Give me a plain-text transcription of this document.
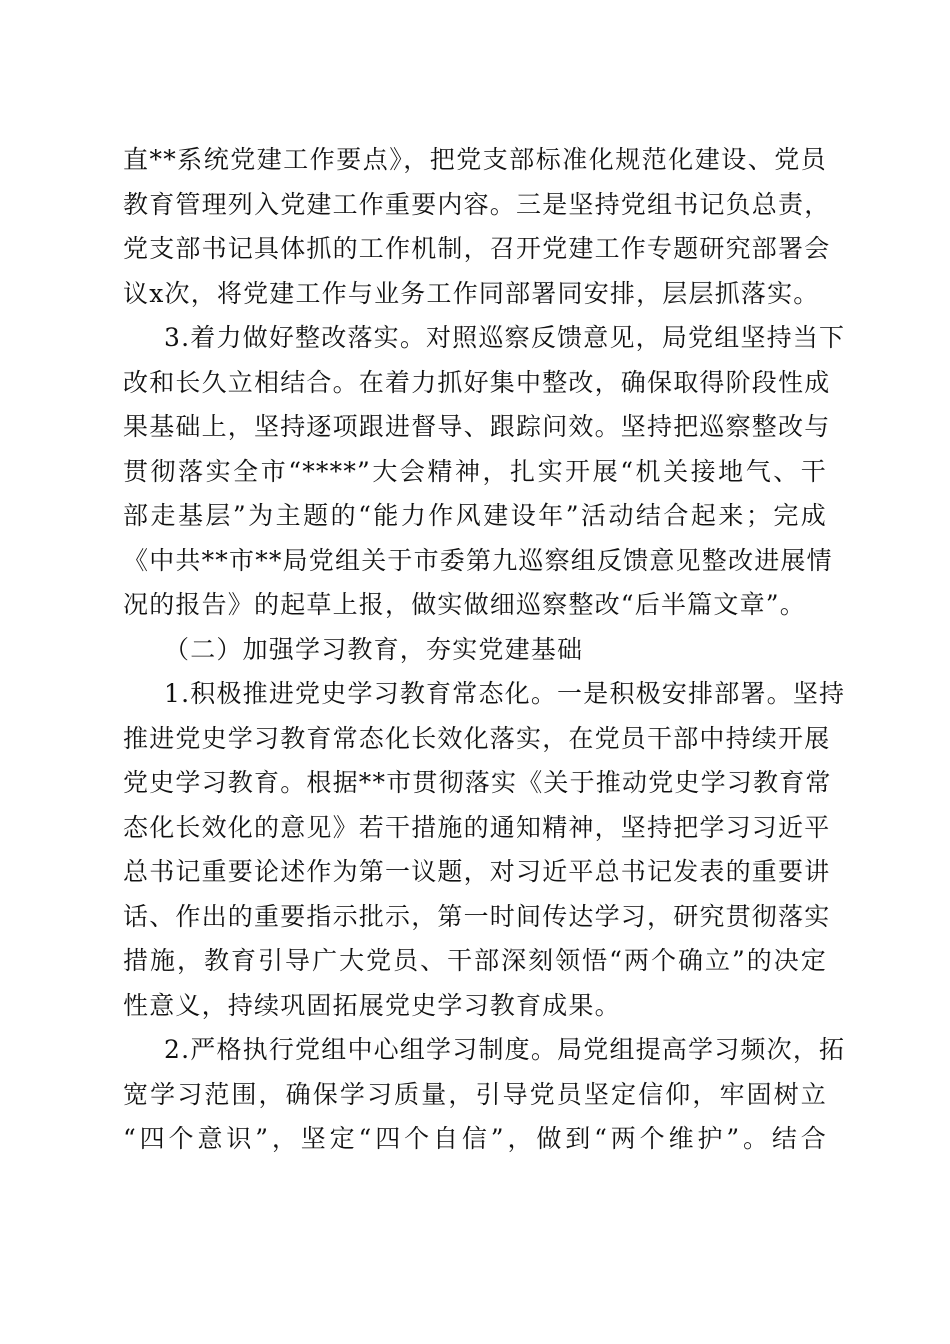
直**系统党建工作要点》，把党支部标准化规范化建设、党员
教育管理列入党建工作重要内容。三是坚持党组书记负总责，
党支部书记具体抓的工作机制，召开党建工作专题研究部署会
议x次，将党建工作与业务工作同部署同安排，层层抓落实。
3.着力做好整改落实。对照巡察反馈意见，局党组坚持当下
改和长久立相结合。在着力抓好集中整改，确保取得阶段性成
果基础上，坚持逐项跟进督导、跟踪问效。坚持把巡察整改与
贯彻落实全市“****”大会精神，扎实开展“机关接地气、干
部走基层”为主题的“能力作风建设年”活动结合起来；完成
《中共**市**局党组关于市委第九巡察组反馈意见整改进展情
况的报告》的起草上报，做实做细巡察整改“后半篇文章”。
（二）加强学习教育，夯实党建基础
1.积极推进党史学习教育常态化。一是积极安排部署。坚持
推进党史学习教育常态化长效化落实，在党员干部中持续开展
党史学习教育。根据**市贯彻落实《关于推动党史学习教育常
态化长效化的意见》若干措施的通知精神，坚持把学习习近平
总书记重要论述作为第一议题，对习近平总书记发表的重要讲
话、作出的重要指示批示，第一时间传达学习，研究贯彻落实
措施，教育引导广大党员、干部深刻领悟“两个确立”的决定
性意义，持续巩固拓展党史学习教育成果。
2.严格执行党组中心组学习制度。局党组提高学习频次，拓
宽学习范围，确保学习质量，引导党员坚定信仰，牢固树立
“四个意识”，坚定“四个自信”，做到“两个维护”。结合
